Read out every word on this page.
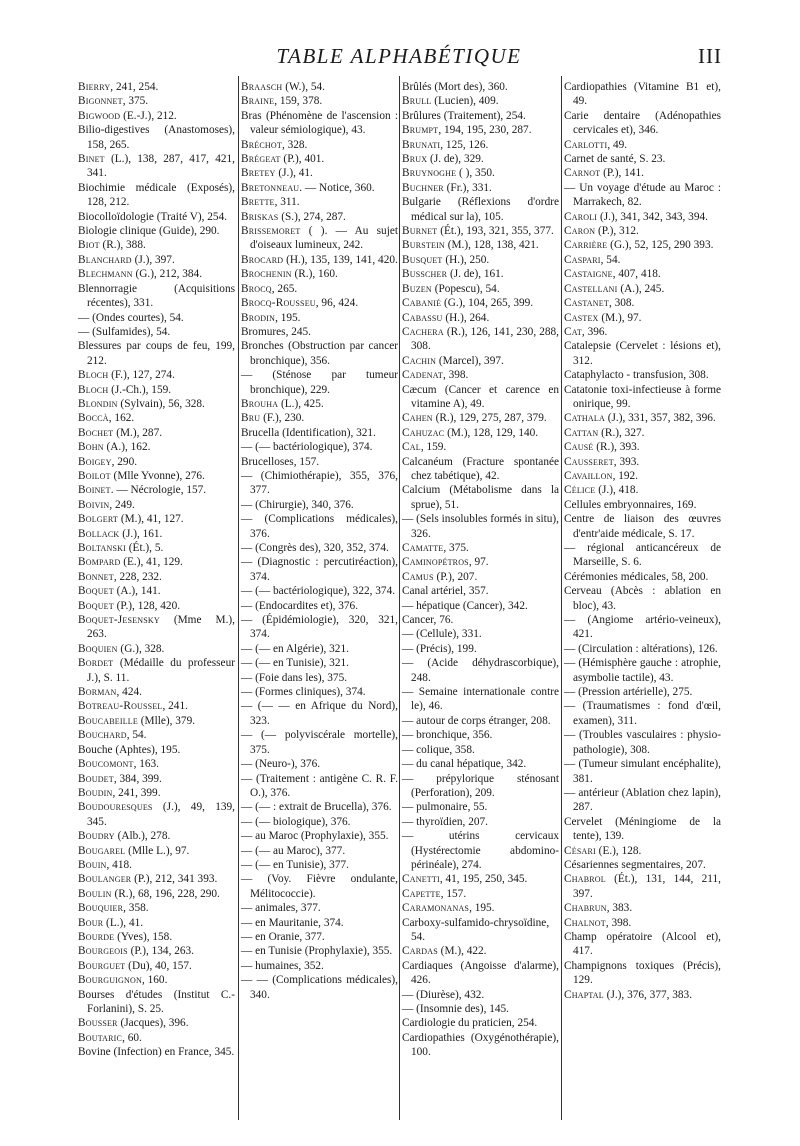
TABLE ALPHABÉTIQUE	III

Bierry, 241, 254.

Bigonnet, 375.

Bigwood (E.-J.), 212.

Bilio-digestives (Anastomoses), 158, 265.

Binet (L.), 138, 287, 417, 421, 341.

Biochimie médicale (Exposés), 128, 212.

Biocolloïdologie (Traité V), 254.

Biologie clinique (Guide), 290.

Biot (R.), 388.

Blanchard (J.), 397.

Blechmann (G.), 212, 384.

Blennorragie (Acquisitions récentes), 331.

— (Ondes courtes), 54.

— (Sulfamides), 54.

Blessures par coups de feu, 199, 212.

Bloch (F.), 127, 274.

Bloch (J.-Ch.), 159.

Blondin (Sylvain), 56, 328.

Boccà, 162.

Bochet (M.), 287.

Bohn (A.), 162.

Boigey, 290.

Boilot (Mlle Yvonne), 276.

Boinet. — Nécrologie, 157.

Boivin, 249.

Bolgert (M.), 41, 127.

Bollack (J.), 161.

Boltanski (Ét.), 5.

Bompard (E.), 41, 129.

Bonnet, 228, 232.

Boquet (A.), 141.

Boquet (P.), 128, 420.

Boquet-Jesensky (Mme M.), 263.

Boquien (G.), 328.

Bordet (Médaille du professeur J.), S. 11.

Borman, 424.

Botreau-Roussel, 241.

Boucabeille (Mlle), 379.

Bouchard, 54.

Bouche (Aphtes), 195.

Boucomont, 163.

Boudet, 384, 399.

Boudin, 241, 399.

Boudouresques (J.), 49, 139, 345.

Boudry (Alb.), 278.

Bougarel (Mlle L.), 97.

Bouin, 418.

Boulanger (P.), 212, 341 393.

Boulin (R.), 68, 196, 228, 290.

Bouquier, 358.

Bour (L.), 41.

Bourde (Yves), 158.

Bourgeois (P.), 134, 263.

Bourguet (Du), 40, 157.

Bourguignon, 160.

Bourses d'études (Institut C.-Forlanini), S. 25.

Bousser (Jacques), 396.

Boutaric, 60.

Bovine (Infection) en France, 345.

Braasch (W.), 54.

Braine, 159, 378.

Bras (Phénomène de l'ascension : valeur sémiologique), 43.

Bréchot, 328.

Brégeat (P.), 401.

Bretey (J.), 41.

Bretonneau. — Notice, 360.

Brette, 311.

Briskas (S.), 274, 287.

Brissemoret ( ). — Au sujet d'oiseaux lumineux, 242.

Brocard (H.), 135, 139, 141, 420.

Brochenin (R.), 160.

Brocq, 265.

Brocq-Rousseu, 96, 424.

Brodin, 195.

Bromures, 245.

Bronches (Obstruction par cancer bronchique), 356.

— (Sténose par tumeur bronchique), 229.

Brouha (L.), 425.

Bru (F.), 230.

Brucella (Identification), 321.

— (— bactériologique), 374.

Brucelloses, 157.

— (Chimiothérapie), 355, 376, 377.

— (Chirurgie), 340, 376.

— (Complications médicales), 376.

— (Congrès des), 320, 352, 374.

— (Diagnostic : percutiréaction), 374.

— (— bactériologique), 322, 374.

— (Endocardites et), 376.

— (Épidémiologie), 320, 321, 374.

— (— en Algérie), 321.

— (— en Tunisie), 321.

— (Foie dans les), 375.

— (Formes cliniques), 374.

— (— — en Afrique du Nord), 323.

— (— polyviscérale mortelle), 375.

— (Neuro-), 376.

— (Traitement : antigène C. R. F. O.), 376.

— (— : extrait de Brucella), 376.

— (— biologique), 376.

— au Maroc (Prophylaxie), 355.

— (— au Maroc), 377.

— (— en Tunisie), 377.

— (Voy. Fièvre ondulante, Mélitococcie).

— animales, 377.

— en Mauritanie, 374.

— en Oranie, 377.

— en Tunisie (Prophylaxie), 355.

— humaines, 352.

— — (Complications médicales), 340.

Brûlés (Mort des), 360.

Brull (Lucien), 409.

Brûlures (Traitement), 254.

Brumpt, 194, 195, 230, 287.

Brunati, 125, 126.

Brux (J. de), 329.

Bruynoghe ( ), 350.

Buchner (Fr.), 331.

Bulgarie (Réflexions d'ordre médical sur la), 105.

Burnet (Ét.), 193, 321, 355, 377.

Burstein (M.), 128, 138, 421.

Busquet (H.), 250.

Busscher (J. de), 161.

Buzen (Popescu), 54.

Cabanié (G.), 104, 265, 399.

Cabassu (H.), 264.

Cachera (R.), 126, 141, 230, 288, 308.

Cachin (Marcel), 397.

Cadenat, 398.

Cæcum (Cancer et carence en vitamine A), 49.

Cahen (R.), 129, 275, 287, 379.

Cahuzac (M.), 128, 129, 140.

Cal, 159.

Calcanéum (Fracture spontanée chez tabétique), 42.

Calcium (Métabolisme dans la sprue), 51.

— (Sels insolubles formés in situ), 326.

Camatte, 375.

Caminopétros, 97.

Camus (P.), 207.

Canal artériel, 357.

— hépatique (Cancer), 342.

Cancer, 76.

— (Cellule), 331.

— (Précis), 199.

— (Acide déhydrascorbique), 248.

— Semaine internationale contre le), 46.

— autour de corps étranger, 208.

— bronchique, 356.

— colique, 358.

— du canal hépatique, 342.

— prépylorique sténosant (Perforation), 209.

— pulmonaire, 55.

— thyroïdien, 207.

— utérins cervicaux (Hystérectomie abdomino-périnéale), 274.

Canetti, 41, 195, 250, 345.

Capette, 157.

Caramonanas, 195.

Carboxy-sulfamido-chrysoïdine, 54.

Cardas (M.), 422.

Cardiaques (Angoisse d'alarme), 426.

— (Diurèse), 432.

— (Insomnie des), 145.

Cardiologie du praticien, 254.

Cardiopathies (Oxygénothérapie), 100.

Cardiopathies (Vitamine B1 et), 49.

Carie dentaire (Adénopathies cervicales et), 346.

Carlotti, 49.

Carnet de santé, S. 23.

Carnot (P.), 141.

— Un voyage d'étude au Maroc : Marrakech, 82.

Caroli (J.), 341, 342, 343, 394.

Caron (P.), 312.

Carrière (G.), 52, 125, 290 393.

Caspari, 54.

Castaigne, 407, 418.

Castellani (A.), 245.

Castanet, 308.

Castex (M.), 97.

Cat, 396.

Catalepsie (Cervelet : lésions et), 312.

Cataphylacto - transfusion, 308.

Catatonie toxi-infectieuse à forme onirique, 99.

Cathala (J.), 331, 357, 382, 396.

Cattan (R.), 327.

Causé (R.), 393.

Causseret, 393.

Cavaillon, 192.

Célice (J.), 418.

Cellules embryonnaires, 169.

Centre de liaison des œuvres d'entr'aide médicale, S. 17.

— régional anticancéreux de Marseille, S. 6.

Cérémonies médicales, 58, 200.

Cerveau (Abcès : ablation en bloc), 43.

— (Angiome artério-veineux), 421.

— (Circulation : altérations), 126.

— (Hémisphère gauche : atrophie, asymbolie tactile), 43.

— (Pression artérielle), 275.

— (Traumatismes : fond d'œil, examen), 311.

— (Troubles vasculaires : physio-pathologie), 308.

— (Tumeur simulant encéphalite), 381.

— antérieur (Ablation chez lapin), 287.

Cervelet (Méningiome de la tente), 139.

Césari (E.), 128.

Césariennes segmentaires, 207.

Chabrol (Ét.), 131, 144, 211, 397.

Chabrun, 383.

Chalnot, 398.

Champ opératoire (Alcool et), 417.

Champignons toxiques (Précis), 129.

Chaptal (J.), 376, 377, 383.
